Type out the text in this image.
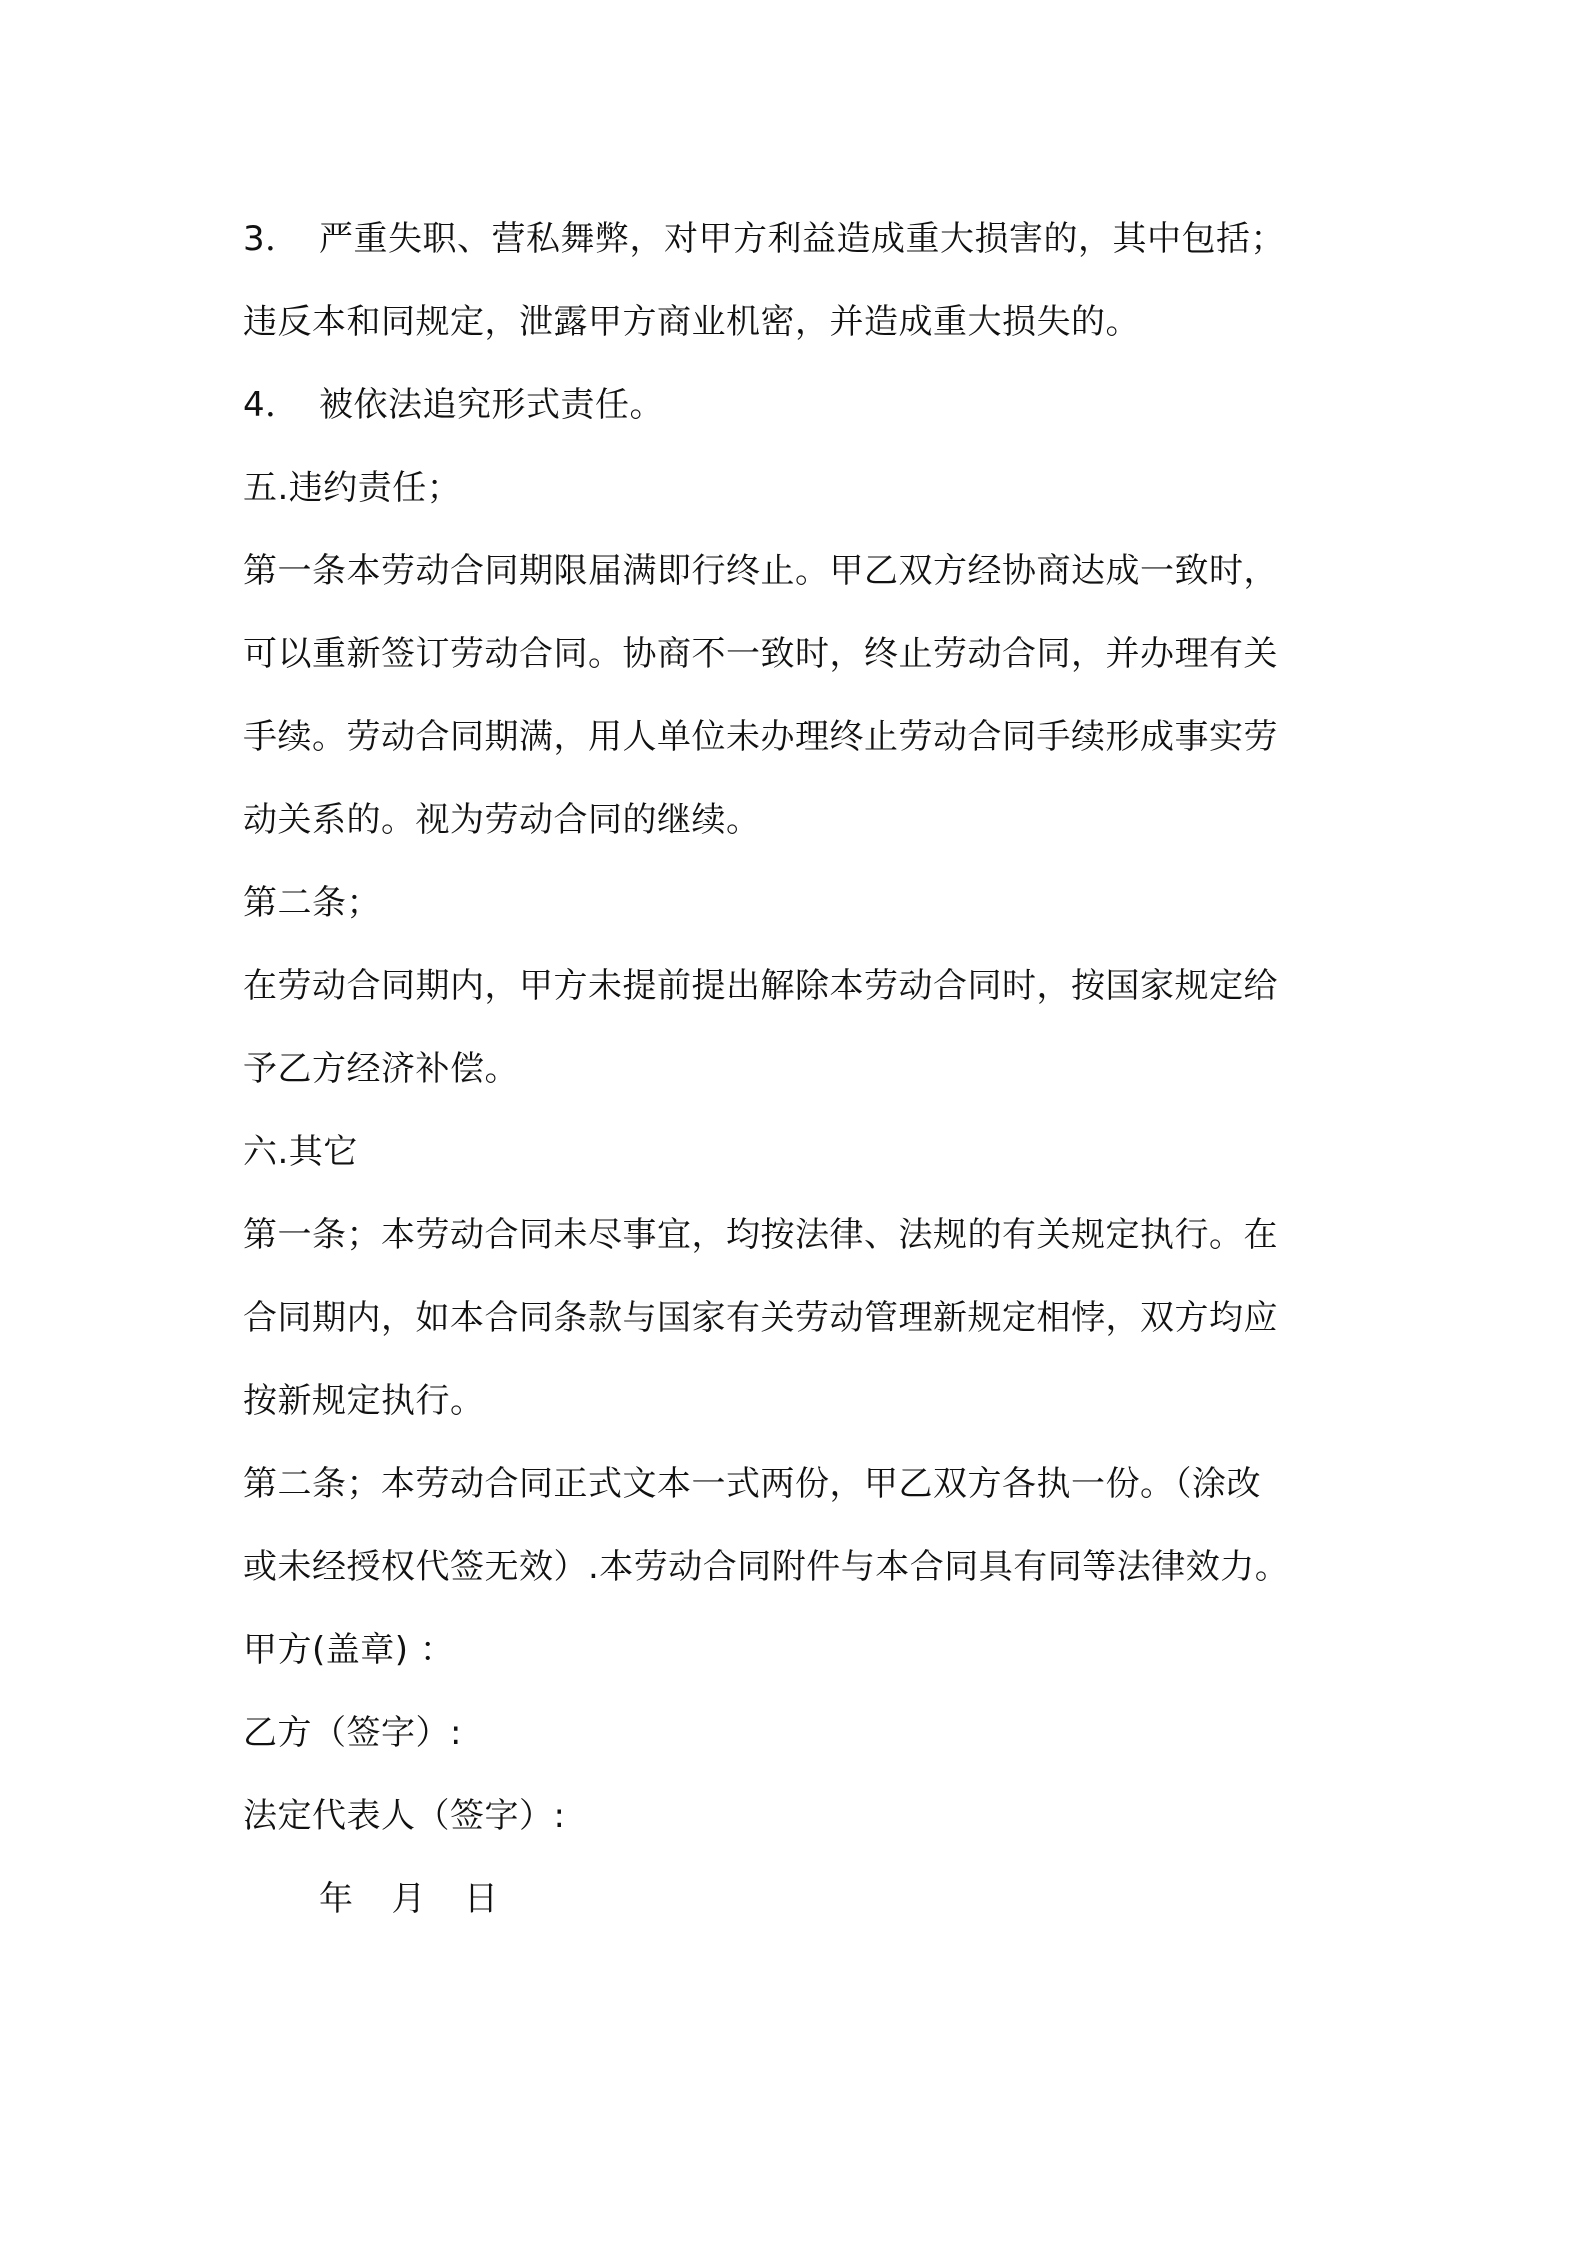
3． 严重失职、营私舞弊，对甲方利益造成重大损害的，其中包括；
违反本和同规定，泄露甲方商业机密，并造成重大损失的。
4． 被依法追究形式责任。
五.违约责任；
第一条本劳动合同期限届满即行终止。甲乙双方经协商达成一致时，
可以重新签订劳动合同。协商不一致时，终止劳动合同，并办理有关
手续。劳动合同期满，用人单位未办理终止劳动合同手续形成事实劳
动关系的。视为劳动合同的继续。
第二条；
在劳动合同期内，甲方未提前提出解除本劳动合同时，按国家规定给
予乙方经济补偿。
六.其它
第一条；本劳动合同未尽事宜，均按法律、法规的有关规定执行。在
合同期内，如本合同条款与国家有关劳动管理新规定相悖，双方均应
按新规定执行。
第二条；本劳动合同正式文本一式两份，甲乙双方各执一份。（涂改
或未经授权代签无效）.本劳动合同附件与本合同具有同等法律效力。
甲方(盖章) ：
乙方（签字）:
法定代表人（签字）:
年 月 日
